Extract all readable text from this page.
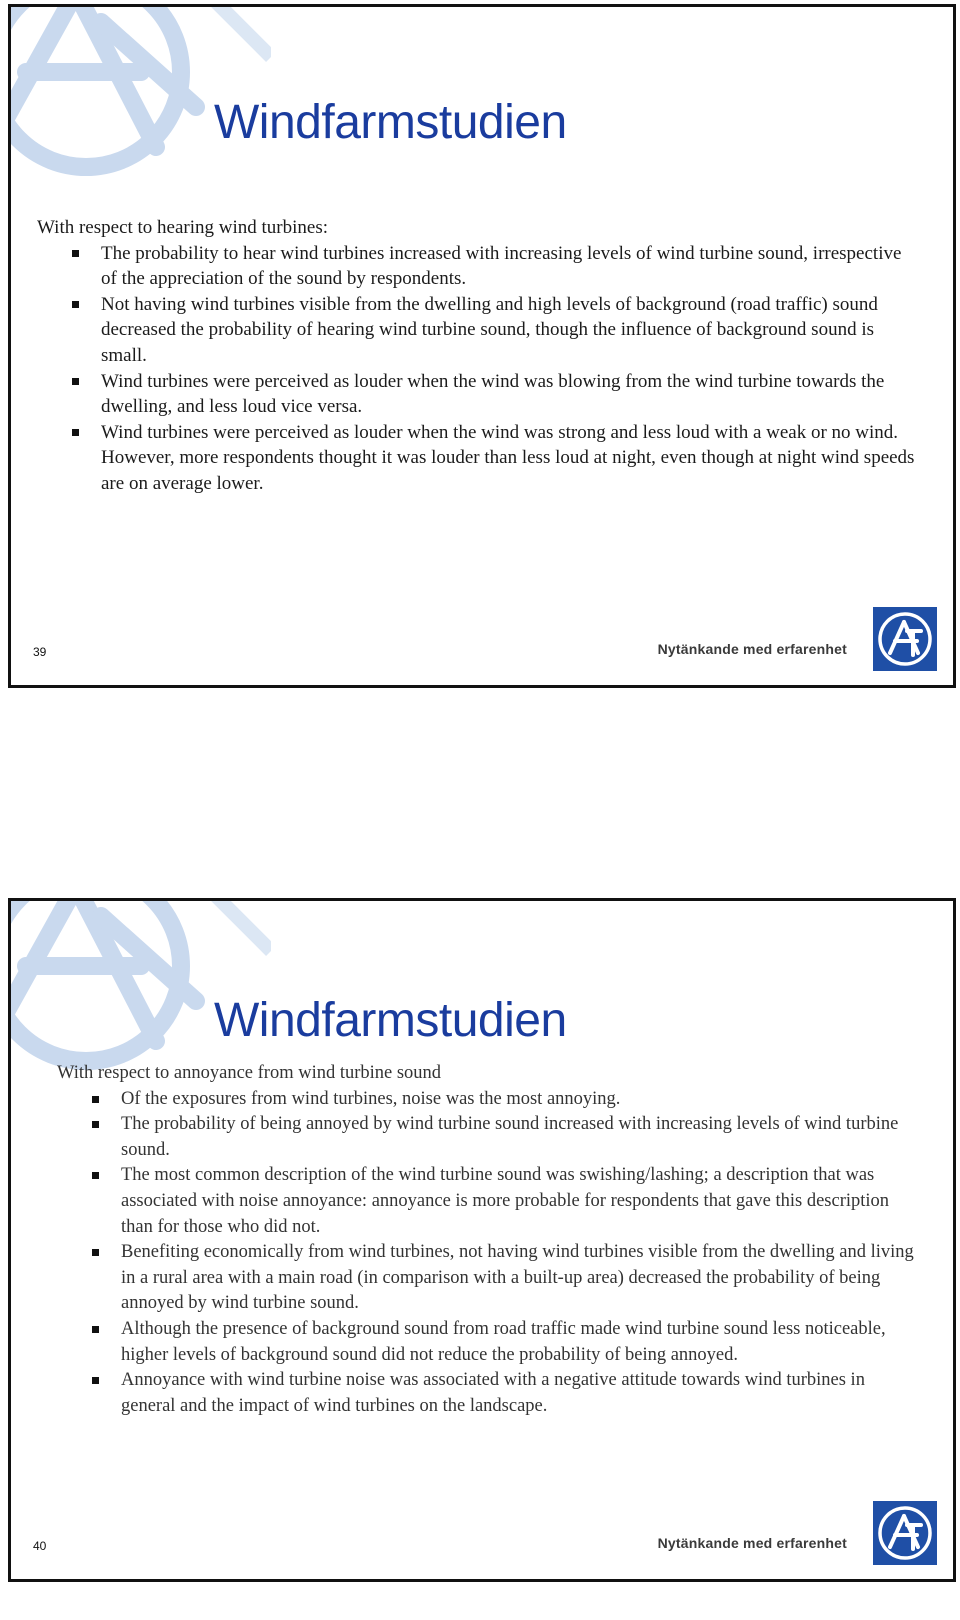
Windfarmstudien

With respect to hearing wind turbines:

The probability to hear wind turbines increased with increasing levels of wind turbine sound, irrespective of the appreciation of the sound by respondents.
Not having wind turbines visible from the dwelling and high levels of background (road traffic) sound decreased the probability of hearing wind turbine sound, though the influence of background sound is small.
Wind turbines were perceived as louder when the wind was blowing from the wind turbine towards the dwelling, and less loud vice versa.
Wind turbines were perceived as louder when the wind was strong and less loud with a weak or no wind. However, more respondents thought it was louder than less loud at night, even though at night wind speeds are on average lower.
39	Nytänkande med erfarenhet
Windfarmstudien

With respect to annoyance from wind turbine sound

Of the exposures from wind turbines, noise was the most annoying.
The probability of being annoyed by wind turbine sound increased with increasing levels of wind turbine sound.
The most common description of the wind turbine sound was swishing/lashing; a description that was associated with noise annoyance: annoyance is more probable for respondents that gave this description than for those who did not.
Benefiting economically from wind turbines, not having wind turbines visible from the dwelling and living in a rural area with a main road (in comparison with a built-up area) decreased the probability of being annoyed by wind turbine sound.
Although the presence of background sound from road traffic made wind turbine sound less noticeable, higher levels of background sound did not reduce the probability of being annoyed.
Annoyance with wind turbine noise was associated with a negative attitude towards wind turbines in general and the impact of wind turbines on the landscape.
40	Nytänkande med erfarenhet
